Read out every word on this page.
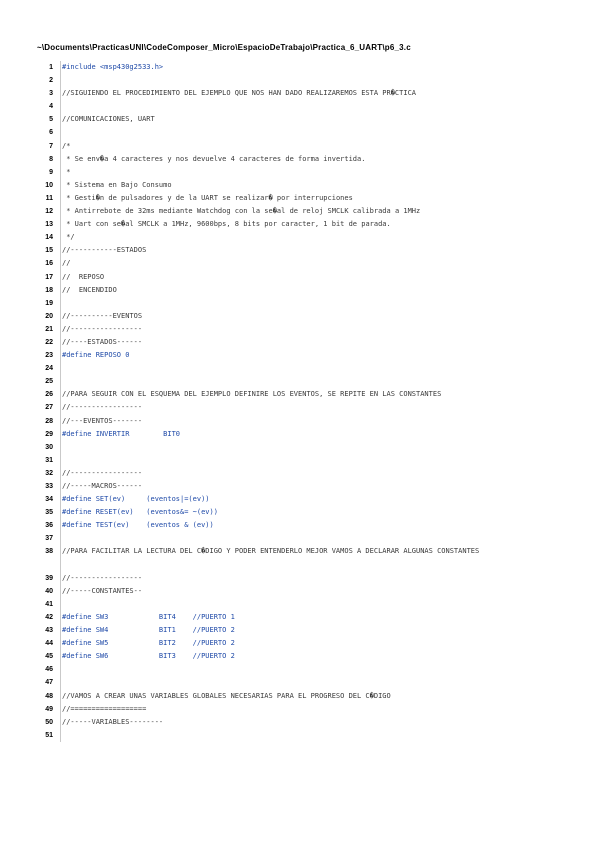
~\Documents\PracticasUNI\CodeComposer_Micro\EspacioDeTrabajo\Practica_6_UART\p6_3.c
1 #include <msp430g2533.h>
2
3 //SIGUIENDO EL PROCEDIMIENTO DEL EJEMPLO QUE NOS HAN DADO REALIZAREMOS ESTA PR�CTICA
4
5 //COMUNICACIONES, UART
6
7 /*
8 * Se env�a 4 caracteres y nos devuelve 4 caracteres de forma invertida.
9 *
10 * Sistema en Bajo Consumo
11 * Gesti�n de pulsadores y de la UART se realizar� por interrupciones
12 * Antirrebote de 32ms mediante Watchdog con la se�al de reloj SMCLK calibrada a 1MHz
13 * Uart con se�al SMCLK a 1MHz, 9600bps, 8 bits por caracter, 1 bit de parada.
14 */
15 //-----------ESTADOS
16 //
17 //  REPOSO
18 //  ENCENDIDO
19
20 //----------EVENTOS
21 //-----------------
22 //----ESTADOS------
23 #define REPOSO 0
24
25
26 //PARA SEGUIR CON EL ESQUEMA DEL EJEMPLO DEFINIRE LOS EVENTOS, SE REPITE EN LAS CONSTANTES
27 //-----------------
28 //---EVENTOS-------
29 #define INVERTIR        BIT0
30
31
32 //-----------------
33 //-----MACROS------
34 #define SET(ev)     (eventos|=(ev))
35 #define RESET(ev)   (eventos&= ~(ev))
36 #define TEST(ev)    (eventos & (ev))
37
38 //PARA FACILITAR LA LECTURA DEL C�DIGO Y PODER ENTENDERLO MEJOR VAMOS A DECLARAR ALGUNAS CONSTANTES
39 //-----------------
40 //-----CONSTANTES--
41
42 #define SW3            BIT4    //PUERTO 1
43 #define SW4            BIT1    //PUERTO 2
44 #define SW5            BIT2    //PUERTO 2
45 #define SW6            BIT3    //PUERTO 2
46
47
48 //VAMOS A CREAR UNAS VARIABLES GLOBALES NECESARIAS PARA EL PROGRESO DEL C�DIGO
49 //==================
50 //-----VARIABLES--------
51
